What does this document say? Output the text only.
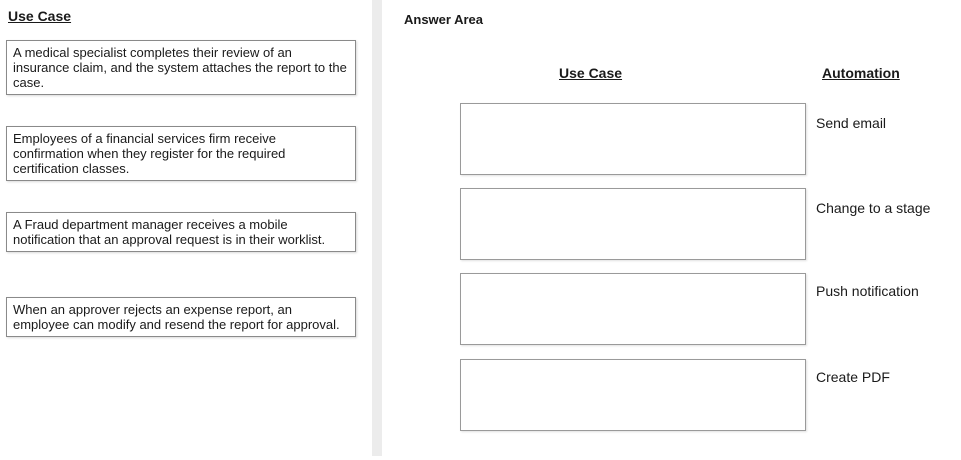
Use Case
A medical specialist completes their review of an insurance claim, and the system attaches the report to the case.
Employees of a financial services firm receive confirmation when they register for the required certification classes.
A Fraud department manager receives a mobile notification that an approval request is in their worklist.
When an approver rejects an expense report, an employee can modify and resend the report for approval.
Answer Area
Use Case	Automation
Send email
Change to a stage
Push notification
Create PDF
